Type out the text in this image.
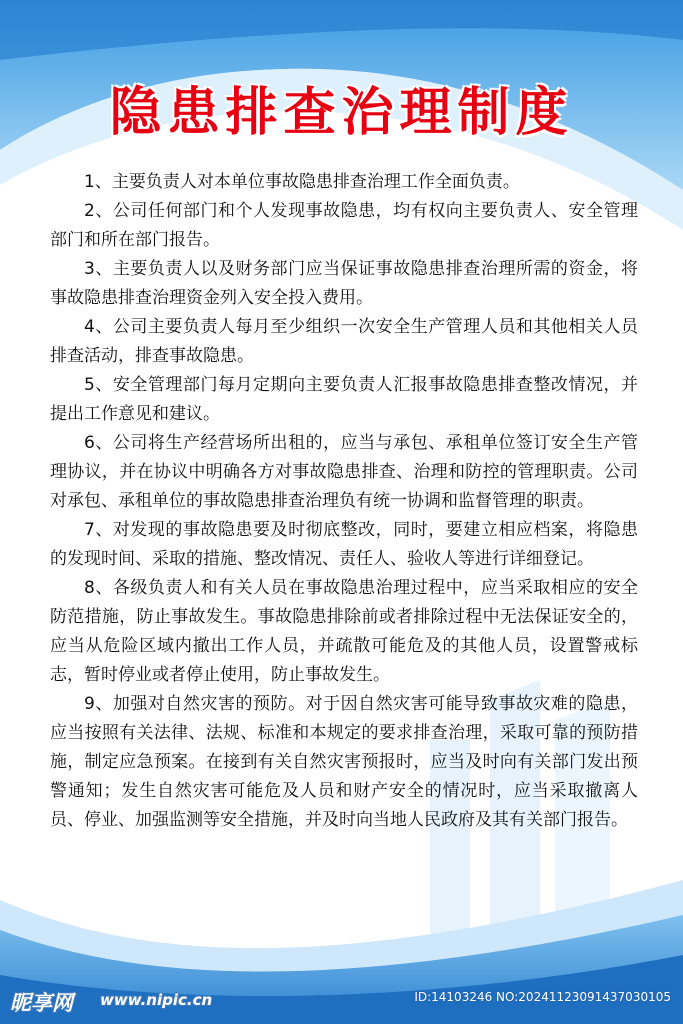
隐患排查治理制度

1、主要负责人对本单位事故隐患排查治理工作全面负责。

2、公司任何部门和个人发现事故隐患，均有权向主要负责人、安全管理部门和所在部门报告。

3、主要负责人以及财务部门应当保证事故隐患排查治理所需的资金，将事故隐患排查治理资金列入安全投入费用。

4、公司主要负责人每月至少组织一次安全生产管理人员和其他相关人员排查活动，排查事故隐患。

5、安全管理部门每月定期向主要负责人汇报事故隐患排查整改情况，并提出工作意见和建议。

6、公司将生产经营场所出租的，应当与承包、承租单位签订安全生产管理协议，并在协议中明确各方对事故隐患排查、治理和防控的管理职责。公司对承包、承租单位的事故隐患排查治理负有统一协调和监督管理的职责。

7、对发现的事故隐患要及时彻底整改，同时，要建立相应档案，将隐患的发现时间、采取的措施、整改情况、责任人、验收人等进行详细登记。

8、各级负责人和有关人员在事故隐患治理过程中，应当采取相应的安全防范措施，防止事故发生。事故隐患排除前或者排除过程中无法保证安全的，应当从危险区域内撤出工作人员，并疏散可能危及的其他人员，设置警戒标志，暂时停业或者停止使用，防止事故发生。

9、加强对自然灾害的预防。对于因自然灾害可能导致事故灾难的隐患，应当按照有关法律、法规、标准和本规定的要求排查治理，采取可靠的预防措施，制定应急预案。在接到有关自然灾害预报时，应当及时向有关部门发出预警通知；发生自然灾害可能危及人员和财产安全的情况时，应当采取撤离人员、停业、加强监测等安全措施，并及时向当地人民政府及其有关部门报告。

昵享网 www.nipic.cn	ID:14103246 NO:20241123091437030105
